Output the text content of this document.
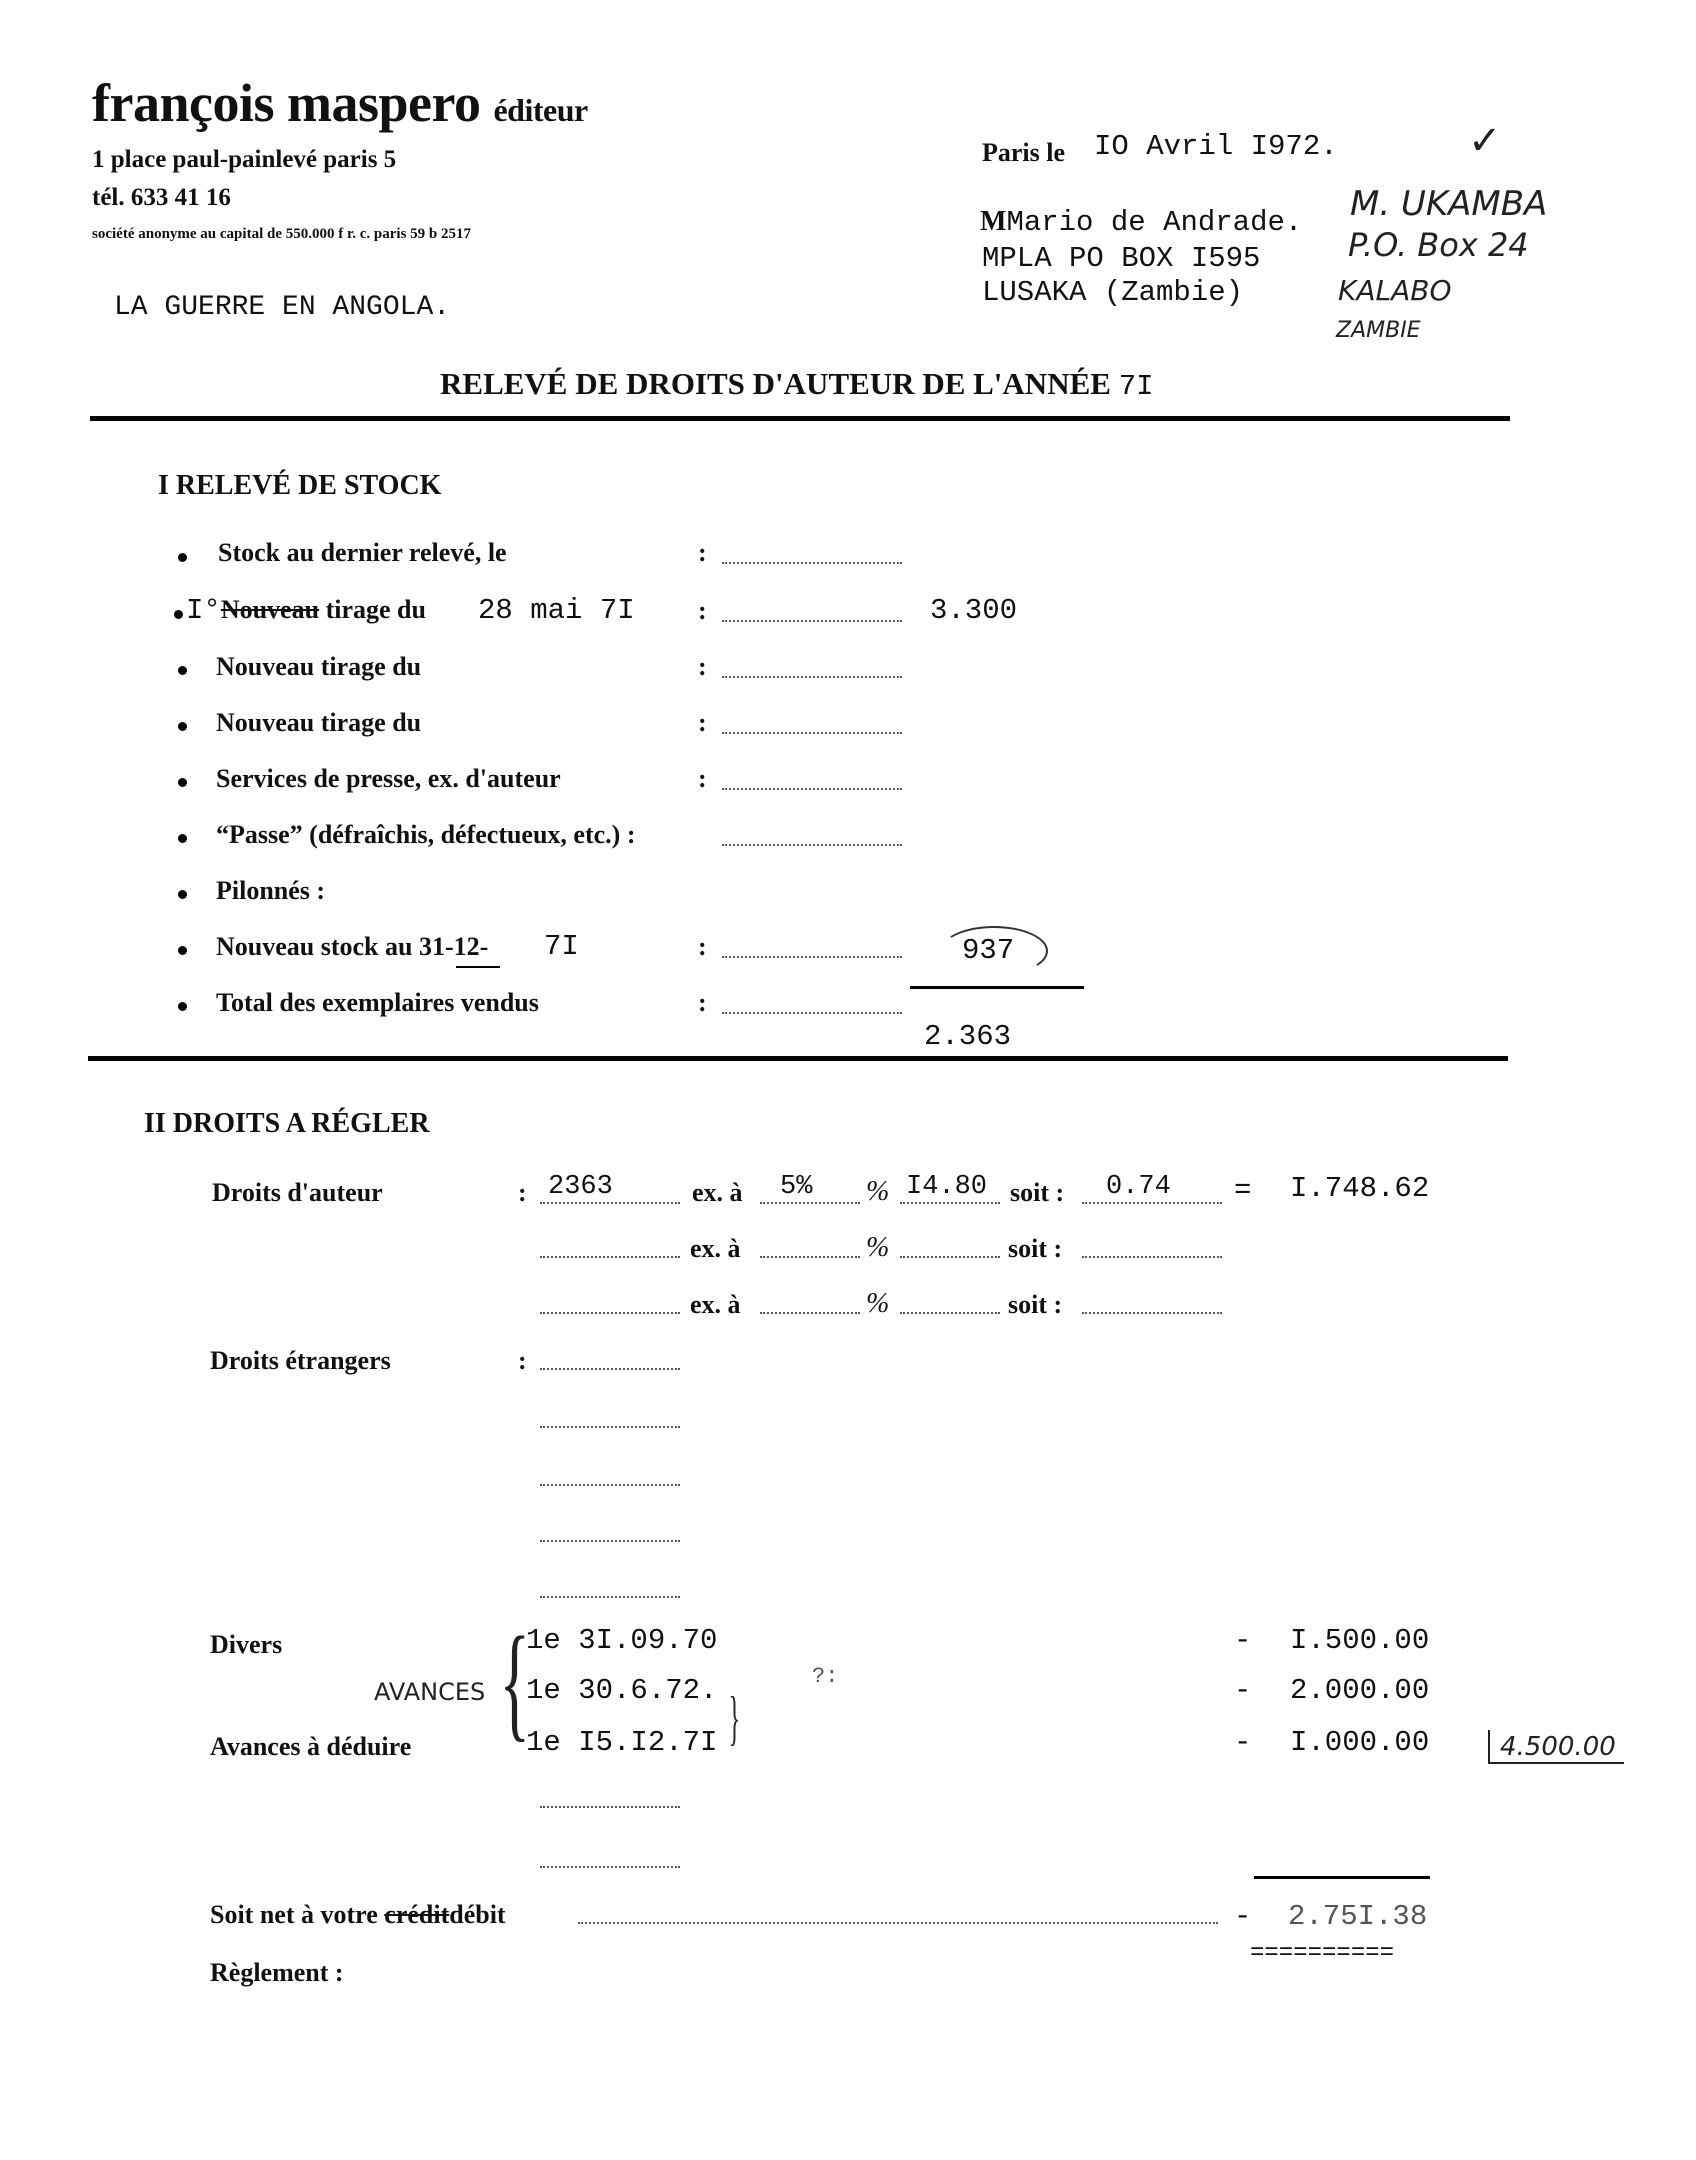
françois maspero éditeur
1 place paul-painlevé paris 5
tél. 633 41 16
société anonyme au capital de 550.000 f r. c. paris 59 b 2517
Paris le IO Avril I972.	✓
MMario de Andrade.
MPLA PO BOX I595
LUSAKA (Zambie)
M. UKAMBA
P.O. Box 24
KALABO
ZAMBIE
LA GUERRE EN ANGOLA.
RELEVÉ DE DROITS D'AUTEUR DE L'ANNÉE 7I
I RELEVÉ DE STOCK
Stock au dernier relevé, le	:
I°Nouveau tirage du 28 mai 7I :	3.300
Nouveau tirage du	:
Nouveau tirage du	:
Services de presse, ex. d'auteur	:
“Passe” (défraîchis, défectueux, etc.) :
Pilonnés :
Nouveau stock au 31-12- 7I	:	937
Total des exemplaires vendus	:
2.363
II DROITS A RÉGLER
Droits d'auteur	: 2363	ex. à 5% % I4.80 soit : 0.74 = I.748.62
ex. à	%	soit :
ex. à	%	soit :
Droits étrangers	:
Divers
AVANCES
Avances à déduire {	}
1e 3I.09.70	- I.500.00
1e 30.6.72.	- 2.000.00
?:
1e I5.I2.7I	- I.000.00	4.500.00
Soit net à votre créditdébit	- 2.75I.38
==========
Règlement :
